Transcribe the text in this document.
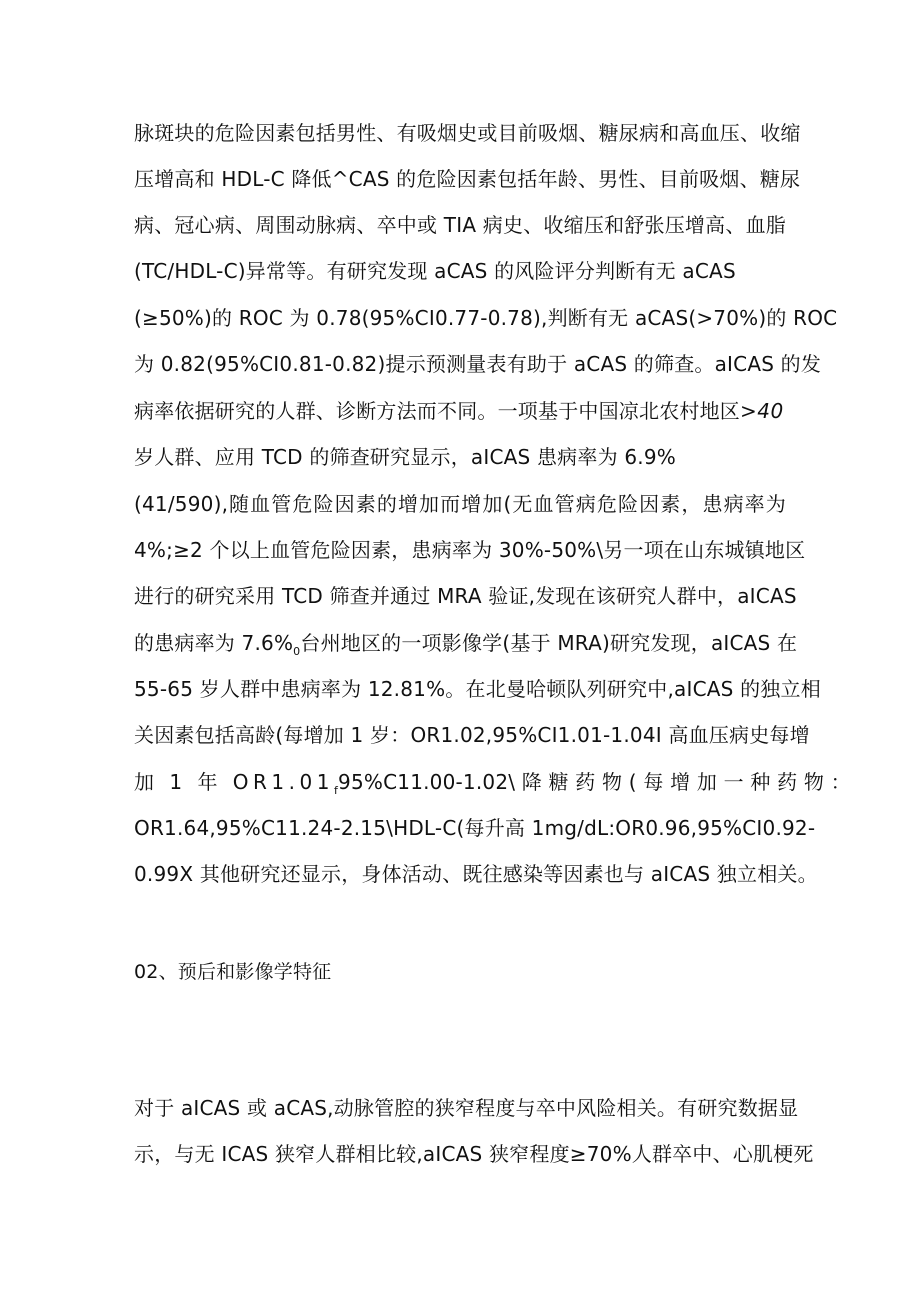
脉斑块的危险因素包括男性、有吸烟史或目前吸烟、糖尿病和高血压、收缩
压增高和 HDL-C 降低^CAS 的危险因素包括年龄、男性、目前吸烟、糖尿
病、冠心病、周围动脉病、卒中或 TIA 病史、收缩压和舒张压增高、血脂
(TC/HDL-C)异常等。有研究发现 aCAS 的风险评分判断有无 aCAS
(≥50%)的 ROC 为 0.78(95%CI0.77-0.78),判断有无 aCAS(>70%)的 ROC
为 0.82(95%CI0.81-0.82)提示预测量表有助于 aCAS 的筛查。aICAS 的发
病率依据研究的人群、诊断方法而不同。一项基于中国凉北农村地区>40
岁人群、应用 TCD 的筛查研究显示，aICAS 患病率为 6.9%
(41/590),随血管危险因素的增加而增加(无血管病危险因素，患病率为
4%;≥2 个以上血管危险因素，患病率为 30%-50%\另一项在山东城镇地区
进行的研究采用 TCD 筛查并通过 MRA 验证,发现在该研究人群中，aICAS
的患病率为 $7.6\%_0$台州地区的一项影像学(基于 MRA)研究发现，aICAS 在
55-65 岁人群中患病率为 12.81%。在北曼哈顿队列研究中,aICAS 的独立相
关因素包括高龄(每增加 1 岁：OR1.02,95%CI1.01-1.04I 高血压病史每增
加 1 年 $OR1.01_f95\%C11.00-1.02\backslash$ 降 糖 药 物 ( 每 增 加 一 种 药 物 ：
OR1.64,95%C11.24-2.15\HDL-C(每升高 1mg/dL:OR0.96,95%CI0.92-
0.99X 其他研究还显示，身体活动、既往感染等因素也与 aICAS 独立相关。
02、预后和影像学特征
对于 aICAS 或 aCAS,动脉管腔的狭窄程度与卒中风险相关。有研究数据显
示，与无 ICAS 狭窄人群相比较,aICAS 狭窄程度≥70%人群卒中、心肌梗死
